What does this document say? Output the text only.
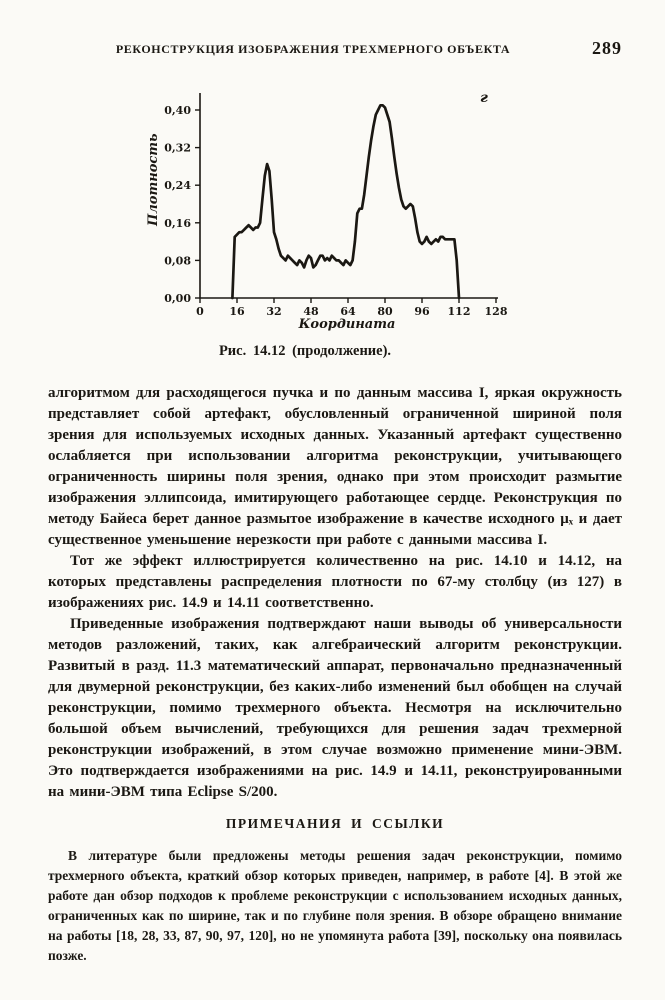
РЕКОНСТРУКЦИЯ ИЗОБРАЖЕНИЯ ТРЕХМЕРНОГО ОБЪЕКТА	289
0 16 32 48 64 80 96 112 128
0,00
0,08
0,16
0,24
0,32
0,40
Координата
Плотность
г
Рис. 14.12 (продолжение).

алгоритмом для расходящегося пучка и по данным массива I, яркая окружность представляет собой артефакт, обусловленный ограниченной шириной поля зрения для используемых исходных данных. Указанный артефакт существенно ослабляется при использовании алгоритма реконструкции, учитывающего ограниченность ширины поля зрения, однако при этом происходит размытие изображения эллипсоида, имитирующего работающее сердце. Реконструкция по методу Байеса берет данное размытое изображение в качестве исходного μₓ и дает существенное уменьшение нерезкости при работе с данными массива I.

Тот же эффект иллюстрируется количественно на рис. 14.10 и 14.12, на которых представлены распределения плотности по 67-му столбцу (из 127) в изображениях рис. 14.9 и 14.11 соответственно.

Приведенные изображения подтверждают наши выводы об универсальности методов разложений, таких, как алгебраический алгоритм реконструкции. Развитый в разд. 11.3 математический аппарат, первоначально предназначенный для двумерной реконструкции, без каких-либо изменений был обобщен на случай реконструкции, помимо трехмерного объекта. Несмотря на исключительно большой объем вычислений, требующихся для решения задач трехмерной реконструкции изображений, в этом случае возможно применение мини-ЭВМ. Это подтверждается изображениями на рис. 14.9 и 14.11, реконструированными на мини-ЭВМ типа Eclipse S/200.

ПРИМЕЧАНИЯ И ССЫЛКИ

В литературе были предложены методы решения задач реконструкции, помимо трехмерного объекта, краткий обзор которых приведен, например, в работе [4]. В этой же работе дан обзор подходов к проблеме реконструкции с использованием исходных данных, ограниченных как по ширине, так и по глубине поля зрения. В обзоре обращено внимание на работы [18, 28, 33, 87, 90, 97, 120], но не упомянута работа [39], поскольку она появилась позже.
